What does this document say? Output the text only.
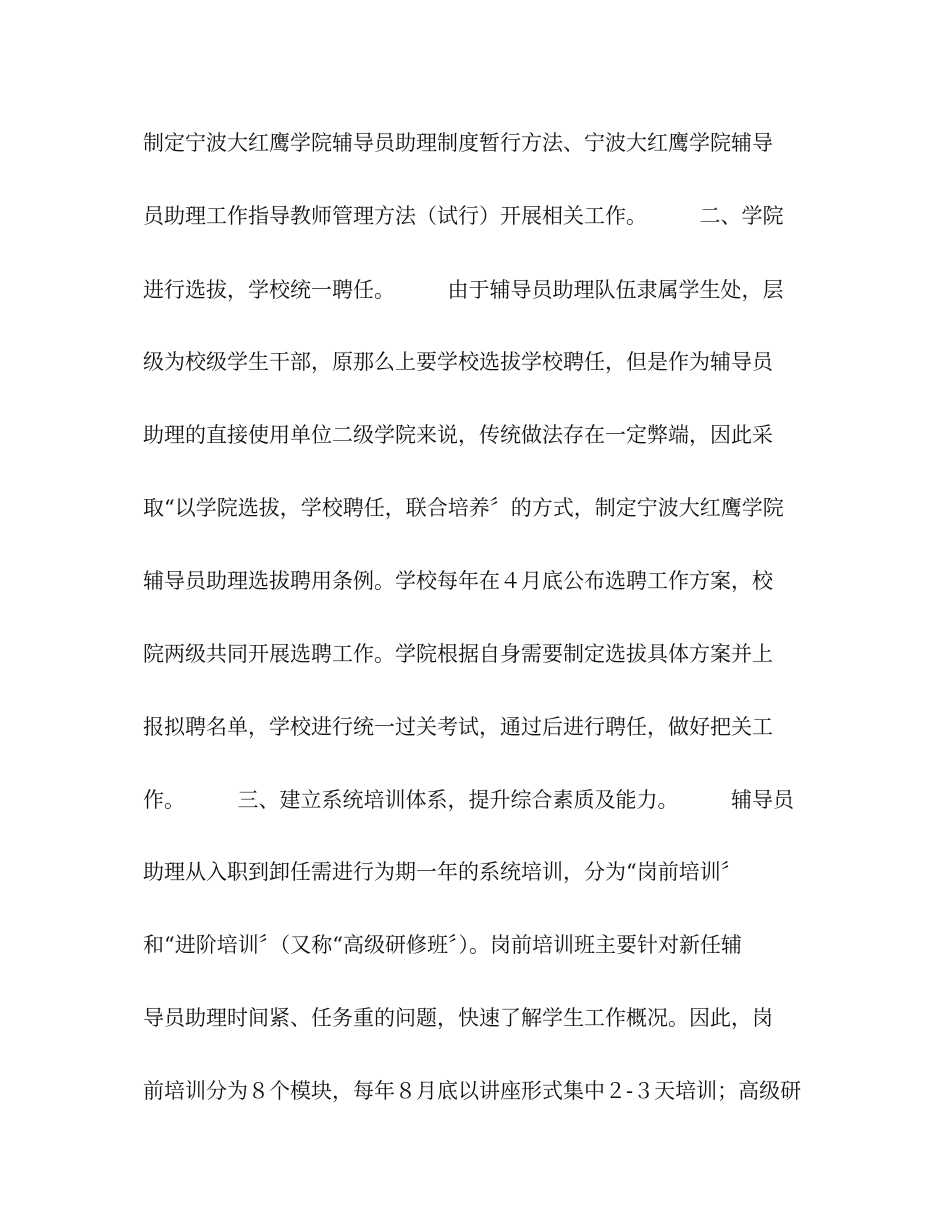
制定宁波大红鹰学院辅导员助理制度暂行方法、宁波大红鹰学院辅导
员助理工作指导教师管理方法（试行）开展相关工作。　　　二、学院
进行选拔，学校统一聘任。　　　由于辅导员助理队伍隶属学生处，层
级为校级学生干部，原那么上要学校选拔学校聘任，但是作为辅导员
助理的直接使用单位二级学院来说，传统做法存在一定弊端，因此采
取“以学院选拔，学校聘任，联合培养〞的方式，制定宁波大红鹰学院
辅导员助理选拔聘用条例。学校每年在４月底公布选聘工作方案，校
院两级共同开展选聘工作。学院根据自身需要制定选拔具体方案并上
报拟聘名单，学校进行统一过关考试，通过后进行聘任，做好把关工
作。　　　三、建立系统培训体系，提升综合素质及能力。　　　辅导员
助理从入职到卸任需进行为期一年的系统培训，分为“岗前培训〞
和“进阶培训〞（又称“高级研修班〞）。岗前培训班主要针对新任辅
导员助理时间紧、任务重的问题，快速了解学生工作概况。因此，岗
前培训分为８个模块，每年８月底以讲座形式集中２-３天培训；高级研
